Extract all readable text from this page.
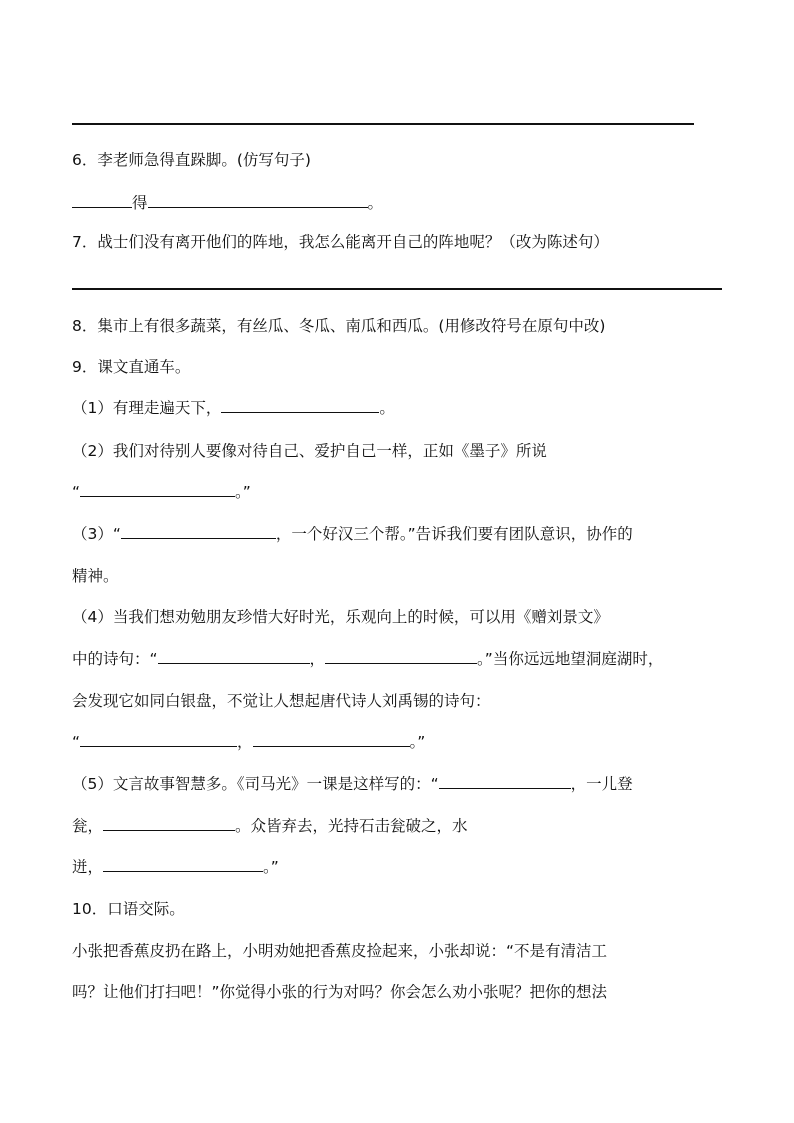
6．李老师急得直跺脚。(仿写句子)
得	。
7．战士们没有离开他们的阵地，我怎么能离开自己的阵地呢？（改为陈述句）
8．集市上有很多蔬菜，有丝瓜、冬瓜、南瓜和西瓜。(用修改符号在原句中改)
9．课文直通车。
（1）有理走遍天下，	。
（2）我们对待别人要像对待自己、爱护自己一样，正如《墨子》所说
“	。”
（3）“	，一个好汉三个帮。”告诉我们要有团队意识，协作的
精神。
（4）当我们想劝勉朋友珍惜大好时光，乐观向上的时候，可以用《赠刘景文》
中的诗句：“	，	。”当你远远地望洞庭湖时，
会发现它如同白银盘，不觉让人想起唐代诗人刘禹锡的诗句：
“	，	。”
（5）文言故事智慧多。《司马光》一课是这样写的：“	，一儿登
瓮，	。众皆弃去，光持石击瓮破之，水
迸，	。”
10．口语交际。
小张把香蕉皮扔在路上，小明劝她把香蕉皮捡起来，小张却说：“不是有清洁工
吗？让他们打扫吧！”你觉得小张的行为对吗？你会怎么劝小张呢？把你的想法
